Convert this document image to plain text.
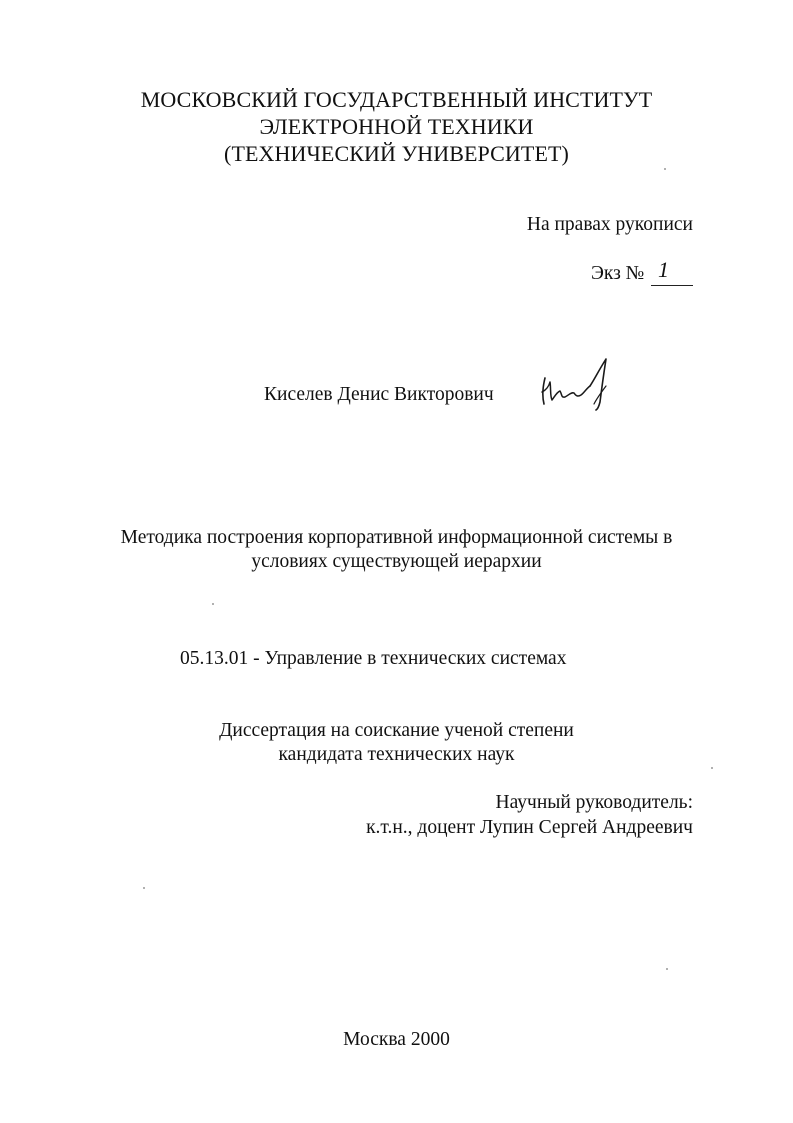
МОСКОВСКИЙ ГОСУДАРСТВЕННЫЙ ИНСТИТУТ
ЭЛЕКТРОННОЙ ТЕХНИКИ
(ТЕХНИЧЕСКИЙ УНИВЕРСИТЕТ)
На правах рукописи
Экз № 1
Киселев Денис Викторович
Методика построения корпоративной информационной системы в
условиях существующей иерархии
05.13.01 - Управление в технических системах
Диссертация на соискание ученой степени
кандидата технических наук
Научный руководитель:
к.т.н., доцент Лупин Сергей Андреевич
Москва 2000
